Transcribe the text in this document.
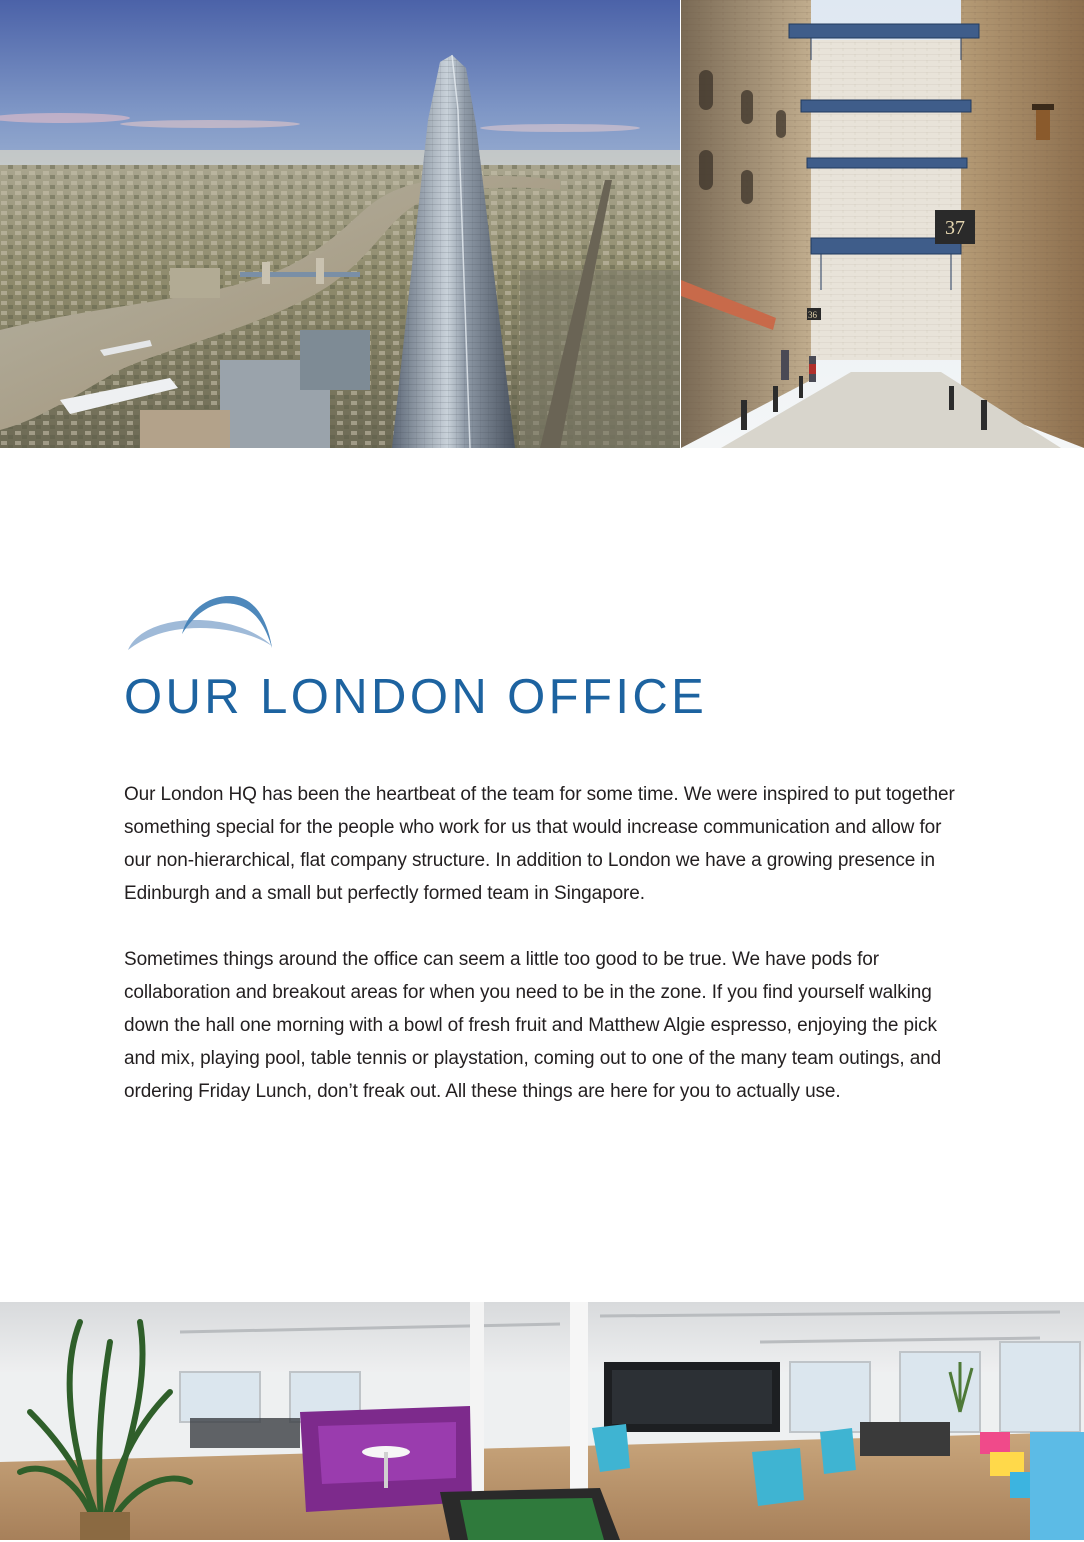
37
36
OUR LONDON OFFICE

Our London HQ has been the heartbeat of the team for some time. We were inspired to put together something special for the people who work for us that would increase communication and allow for our non-hierarchical, flat company structure. In addition to London we have a growing presence in Edinburgh and a small but perfectly formed team in Singapore.

Sometimes things around the office can seem a little too good to be true. We have pods for collaboration and breakout areas for when you need to be in the zone. If you find yourself walking down the hall one morning with a bowl of fresh fruit and Matthew Algie espresso, enjoying the pick and mix, playing pool, table tennis or playstation, coming out to one of the many team outings, and ordering Friday Lunch, don’t freak out. All these things are here for you to actually use.
